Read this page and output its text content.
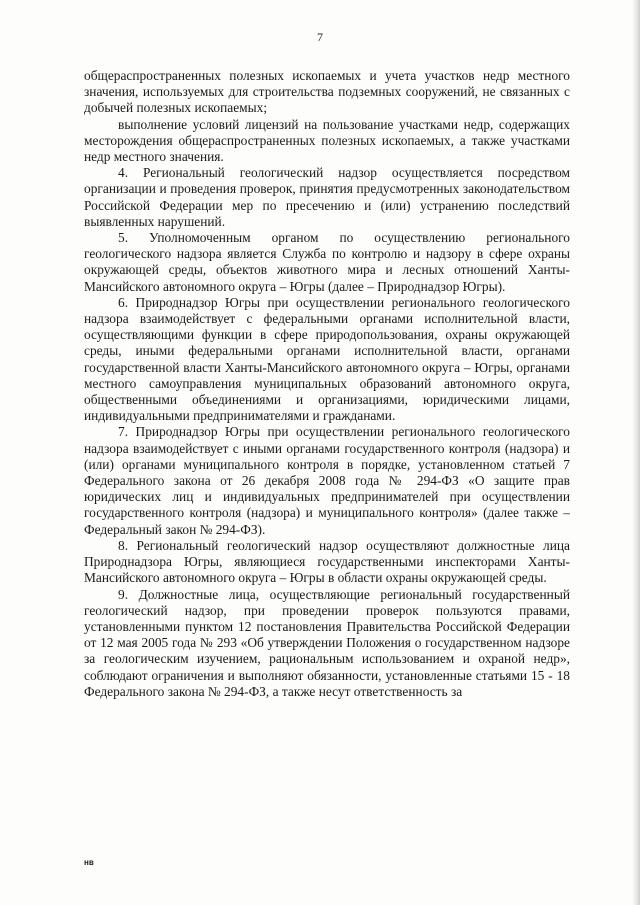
7

общераспространенных полезных ископаемых и учета участков недр местного значения, используемых для строительства подземных сооружений, не связанных с добычей полезных ископаемых;

выполнение условий лицензий на пользование участками недр, содержащих месторождения общераспространенных полезных ископаемых, а также участками недр местного значения.

4. Региональный геологический надзор осуществляется посредством организации и проведения проверок, принятия предусмотренных законодательством Российской Федерации мер по пресечению и (или) устранению последствий выявленных нарушений.

5. Уполномоченным органом по осуществлению регионального геологического надзора является Служба по контролю и надзору в сфере охраны окружающей среды, объектов животного мира и лесных отношений Ханты-Мансийского автономного округа – Югры (далее – Природнадзор Югры).

6. Природнадзор Югры при осуществлении регионального геологического надзора взаимодействует с федеральными органами исполнительной власти, осуществляющими функции в сфере природопользования, охраны окружающей среды, иными федеральными органами исполнительной власти, органами государственной власти Ханты-Мансийского автономного округа – Югры, органами местного самоуправления муниципальных образований автономного округа, общественными объединениями и организациями, юридическими лицами, индивидуальными предпринимателями и гражданами.

7. Природнадзор Югры при осуществлении регионального геологического надзора взаимодействует с иными органами государственного контроля (надзора) и (или) органами муниципального контроля в порядке, установленном статьей 7 Федерального закона от 26 декабря 2008 года № 294-ФЗ «О защите прав юридических лиц и индивидуальных предпринимателей при осуществлении государственного контроля (надзора) и муниципального контроля» (далее также – Федеральный закон № 294-ФЗ).

8. Региональный геологический надзор осуществляют должностные лица Природнадзора Югры, являющиеся государственными инспекторами Ханты-Мансийского автономного округа – Югры в области охраны окружающей среды.

9. Должностные лица, осуществляющие региональный государственный геологический надзор, при проведении проверок пользуются правами, установленными пунктом 12 постановления Правительства Российской Федерации от 12 мая 2005 года № 293 «Об утверждении Положения о государственном надзоре за геологическим изучением, рациональным использованием и охраной недр», соблюдают ограничения и выполняют обязанности, установленные статьями 15 - 18 Федерального закона № 294-ФЗ, а также несут ответственность за

нв
